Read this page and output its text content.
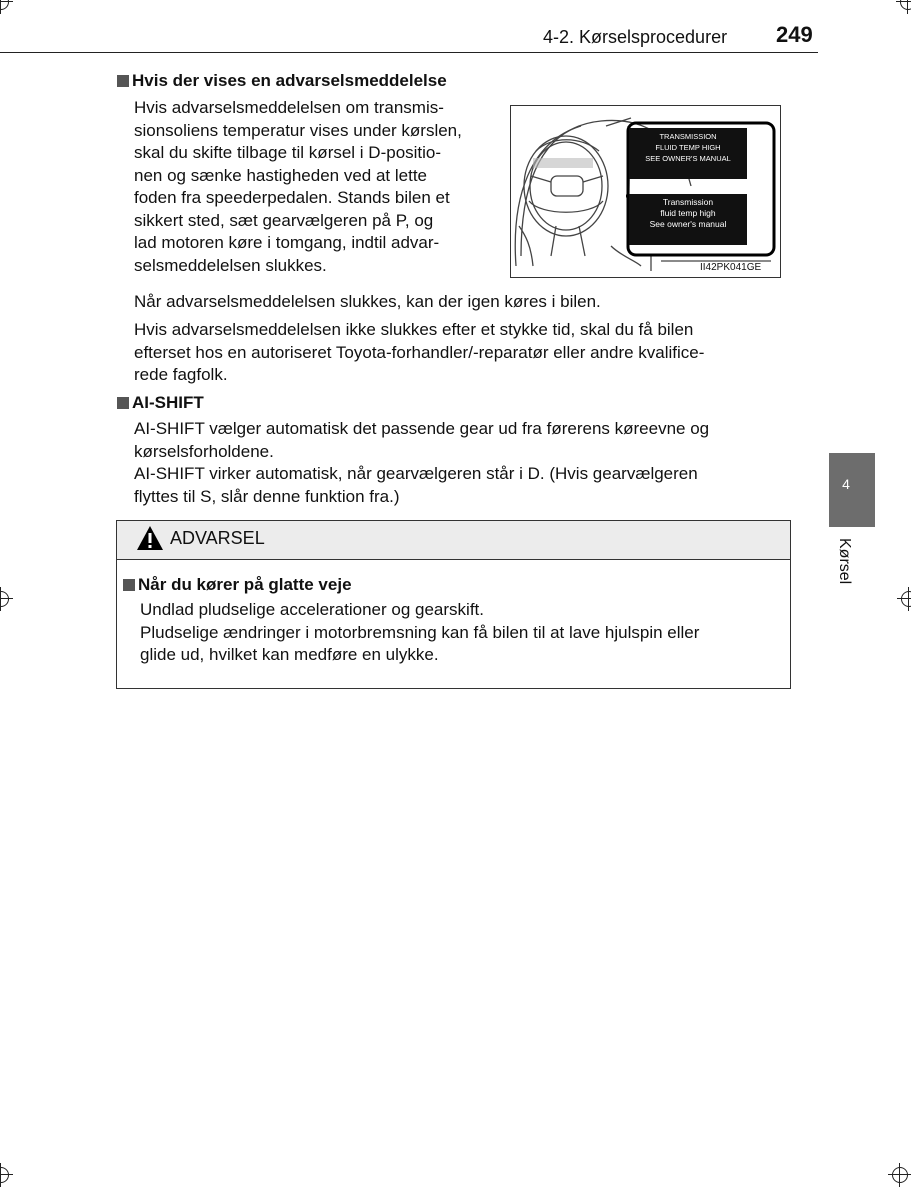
4-2. Kørselsprocedurer 249
4
Kørsel
Hvis der vises en advarselsmeddelelse
Hvis advarselsmeddelelsen om transmis-
sionsoliens temperatur vises under kørslen,
skal du skifte tilbage til kørsel i D-positio-
nen og sænke hastigheden ved at lette
foden fra speederpedalen. Stands bilen et
sikkert sted, sæt gearvælgeren på P, og
lad motoren køre i tomgang, indtil advar-
selsmeddelelsen slukkes.
TRANSMISSION
FLUID TEMP HIGH
SEE OWNER'S MANUAL
Transmission
fluid temp high
See owner's manual
II42PK041GE

Når advarselsmeddelelsen slukkes, kan der igen køres i bilen.

Hvis advarselsmeddelelsen ikke slukkes efter et stykke tid, skal du få bilen
efterset hos en autoriseret Toyota-forhandler/-reparatør eller andre kvalifice-
rede fagfolk.
AI-SHIFT
AI-SHIFT vælger automatisk det passende gear ud fra førerens køreevne og
kørselsforholdene.
AI-SHIFT virker automatisk, når gearvælgeren står i D. (Hvis gearvælgeren
flyttes til S, slår denne funktion fra.)
ADVARSEL
Når du kører på glatte veje
Undlad pludselige accelerationer og gearskift.
Pludselige ændringer i motorbremsning kan få bilen til at lave hjulspin eller
glide ud, hvilket kan medføre en ulykke.
